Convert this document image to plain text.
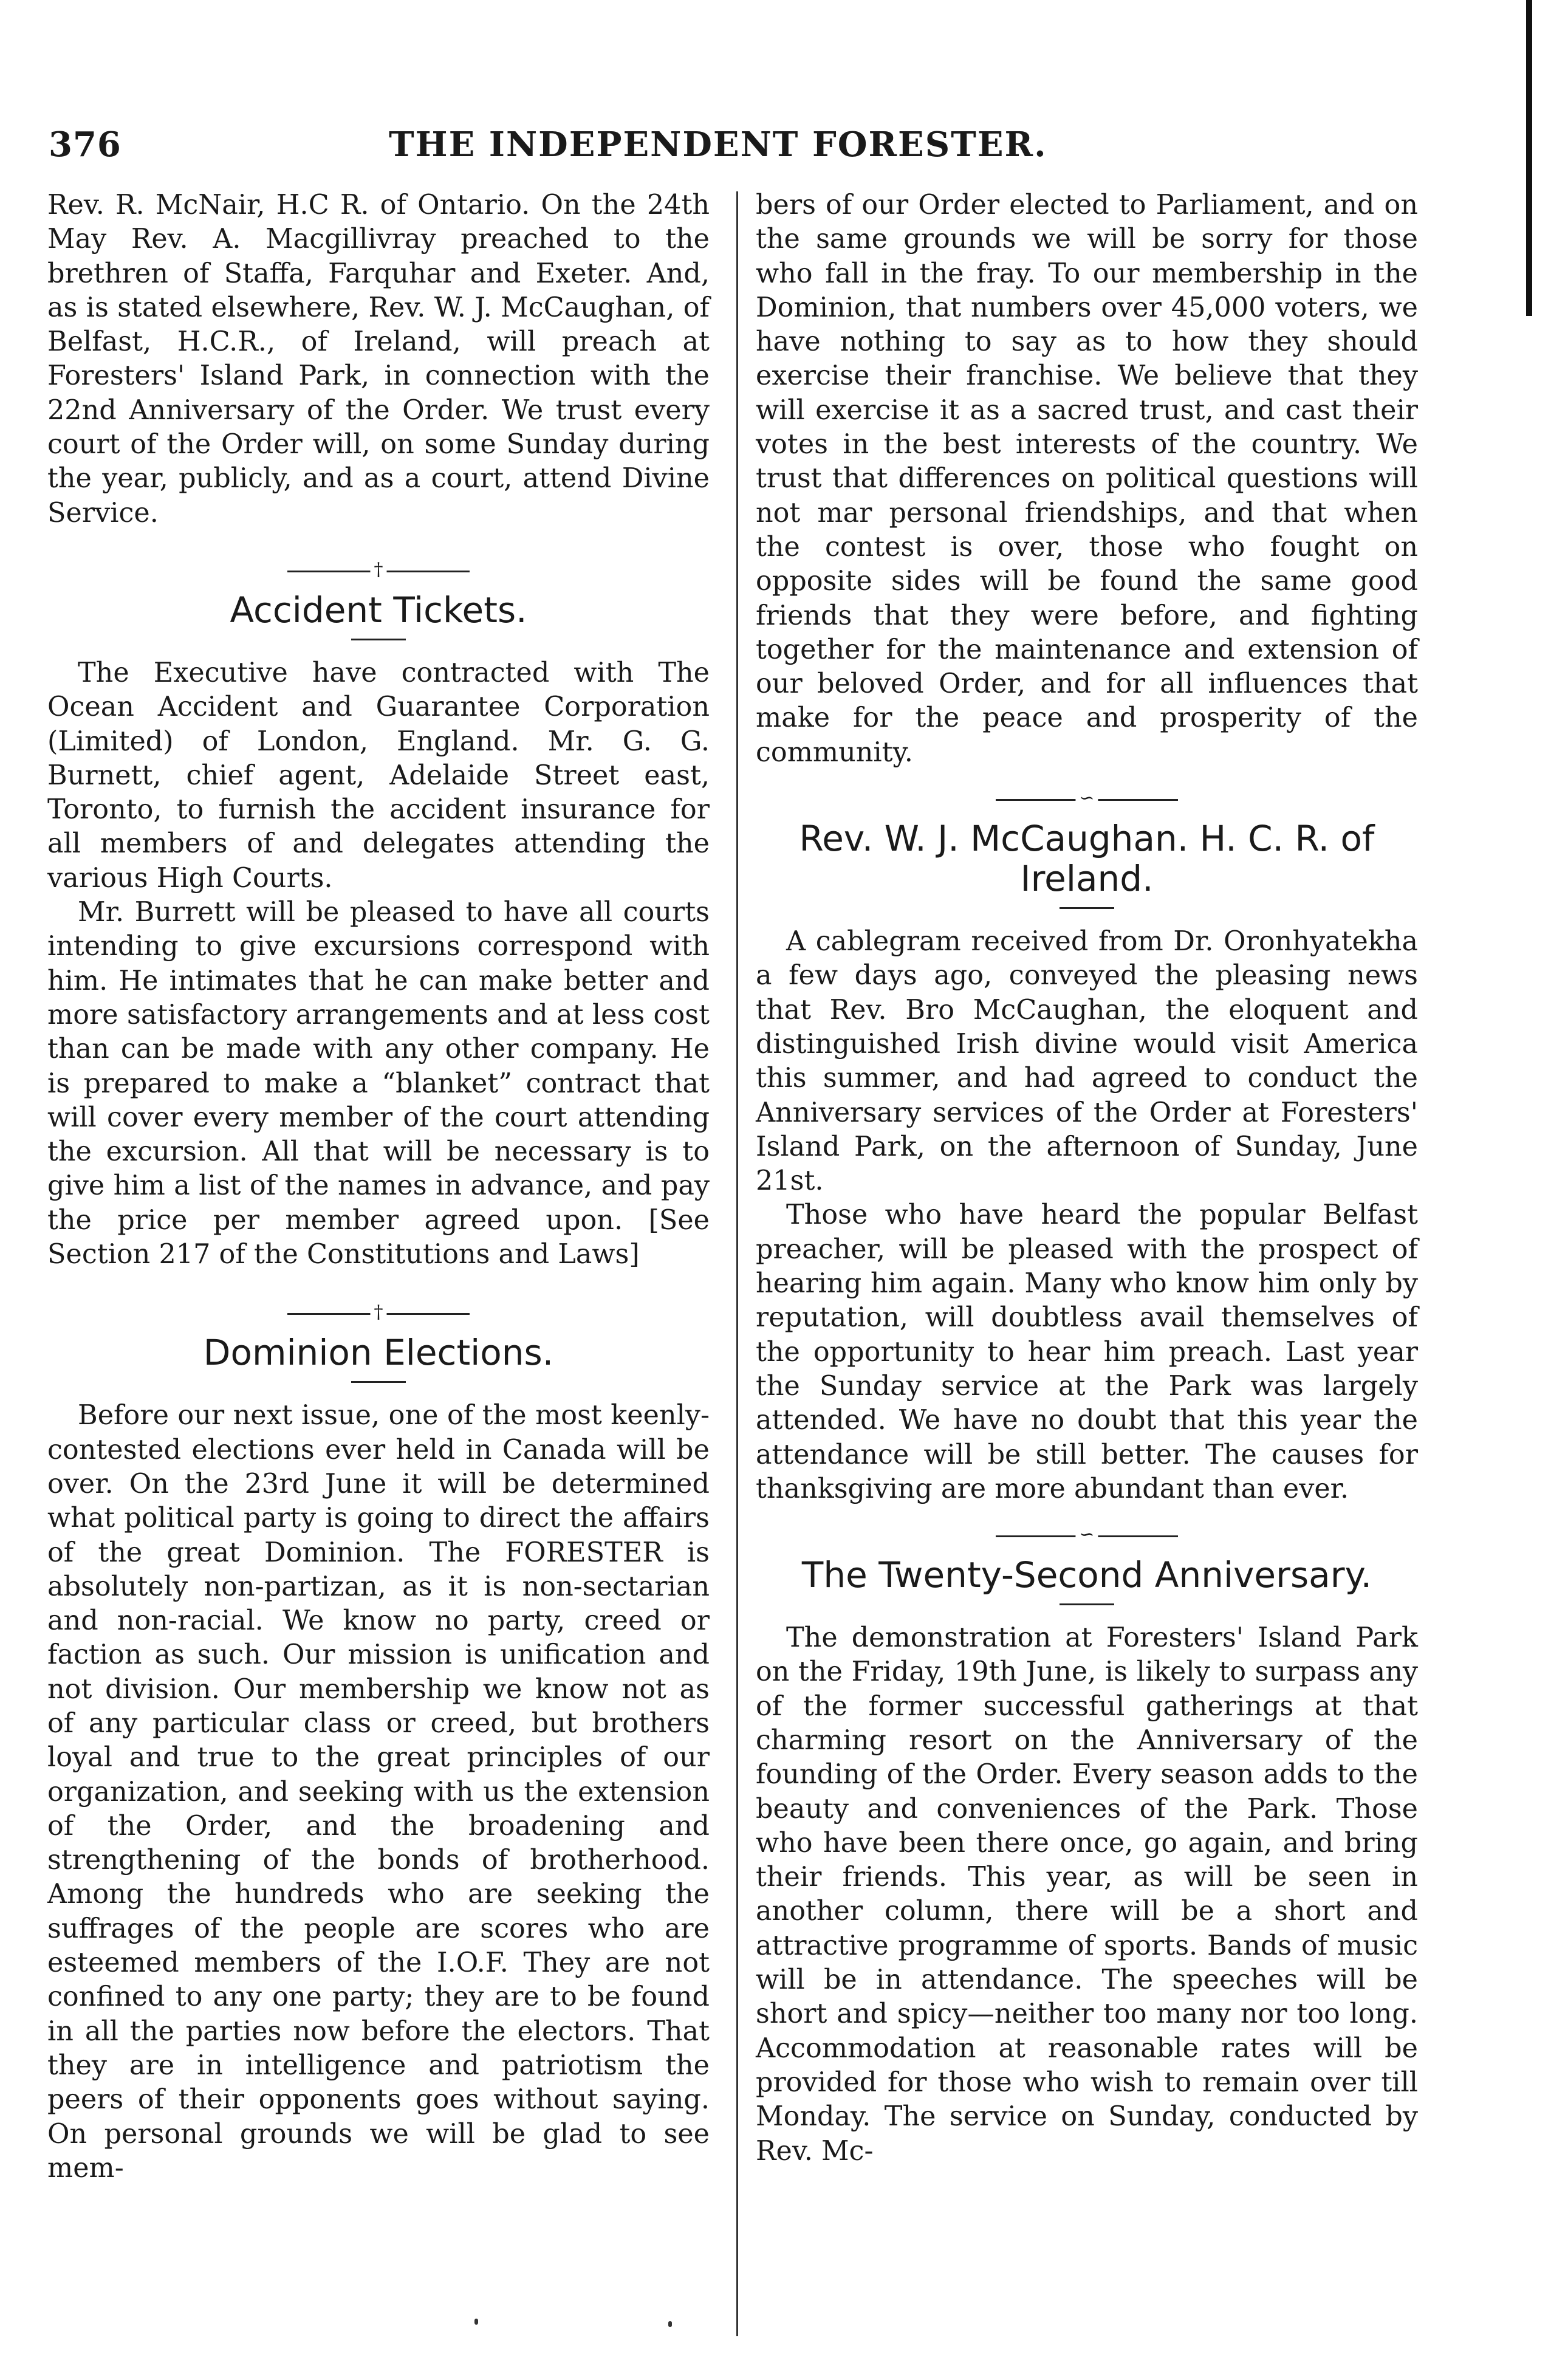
376	THE INDEPENDENT FORESTER.

Rev. R. McNair, H.C R. of Ontario. On the 24th May Rev. A. Macgillivray preached to the brethren of Staffa, Farquhar and Exeter. And, as is stated elsewhere, Rev. W. J. McCaughan, of Belfast, H.C.R., of Ireland, will preach at Foresters' Island Park, in connection with the 22nd Anniversary of the Order. We trust every court of the Order will, on some Sunday during the year, publicly, and as a court, attend Divine Service.

†
Accident Tickets.

The Executive have contracted with The Ocean Accident and Guarantee Corporation (Limited) of London, England. Mr. G. G. Burnett, chief agent, Adelaide Street east, Toronto, to furnish the accident insurance for all members of and delegates attending the various High Courts.

Mr. Burrett will be pleased to have all courts intending to give excursions correspond with him. He intimates that he can make better and more satisfactory arrangements and at less cost than can be made with any other company. He is prepared to make a “blanket” contract that will cover every member of the court attending the excursion. All that will be necessary is to give him a list of the names in advance, and pay the price per member agreed upon. [See Section 217 of the Constitutions and Laws]

†
Dominion Elections.

Before our next issue, one of the most keenly-contested elections ever held in Canada will be over. On the 23rd June it will be determined what political party is going to direct the affairs of the great Dominion. The FORESTER is absolutely non-partizan, as it is non-sectarian and non-racial. We know no party, creed or faction as such. Our mission is unification and not division. Our membership we know not as of any particular class or creed, but brothers loyal and true to the great principles of our organization, and seeking with us the extension of the Order, and the broadening and strengthening of the bonds of brotherhood. Among the hundreds who are seeking the suffrages of the people are scores who are esteemed members of the I.O.F. They are not confined to any one party; they are to be found in all the parties now before the electors. That they are in intelligence and patriotism the peers of their opponents goes without saying. On personal grounds we will be glad to see mem-

bers of our Order elected to Parliament, and on the same grounds we will be sorry for those who fall in the fray. To our membership in the Dominion, that numbers over 45,000 voters, we have nothing to say as to how they should exercise their franchise. We believe that they will exercise it as a sacred trust, and cast their votes in the best interests of the country. We trust that differences on political questions will not mar personal friendships, and that when the contest is over, those who fought on opposite sides will be found the same good friends that they were before, and fighting together for the maintenance and extension of our beloved Order, and for all influences that make for the peace and prosperity of the community.

∽
Rev. W. J. McCaughan. H. C. R. of Ireland.

A cablegram received from Dr. Oronhyatekha a few days ago, conveyed the pleasing news that Rev. Bro McCaughan, the eloquent and distinguished Irish divine would visit America this summer, and had agreed to conduct the Anniversary services of the Order at Foresters' Island Park, on the afternoon of Sunday, June 21st.

Those who have heard the popular Belfast preacher, will be pleased with the prospect of hearing him again. Many who know him only by reputation, will doubtless avail themselves of the opportunity to hear him preach. Last year the Sunday service at the Park was largely attended. We have no doubt that this year the attendance will be still better. The causes for thanksgiving are more abundant than ever.

∽
The Twenty-Second Anniversary.

The demonstration at Foresters' Island Park on the Friday, 19th June, is likely to surpass any of the former successful gatherings at that charming resort on the Anniversary of the founding of the Order. Every season adds to the beauty and conveniences of the Park. Those who have been there once, go again, and bring their friends. This year, as will be seen in another column, there will be a short and attractive programme of sports. Bands of music will be in attendance. The speeches will be short and spicy—neither too many nor too long. Accommodation at reasonable rates will be provided for those who wish to remain over till Monday. The service on Sunday, conducted by Rev. Mc-
